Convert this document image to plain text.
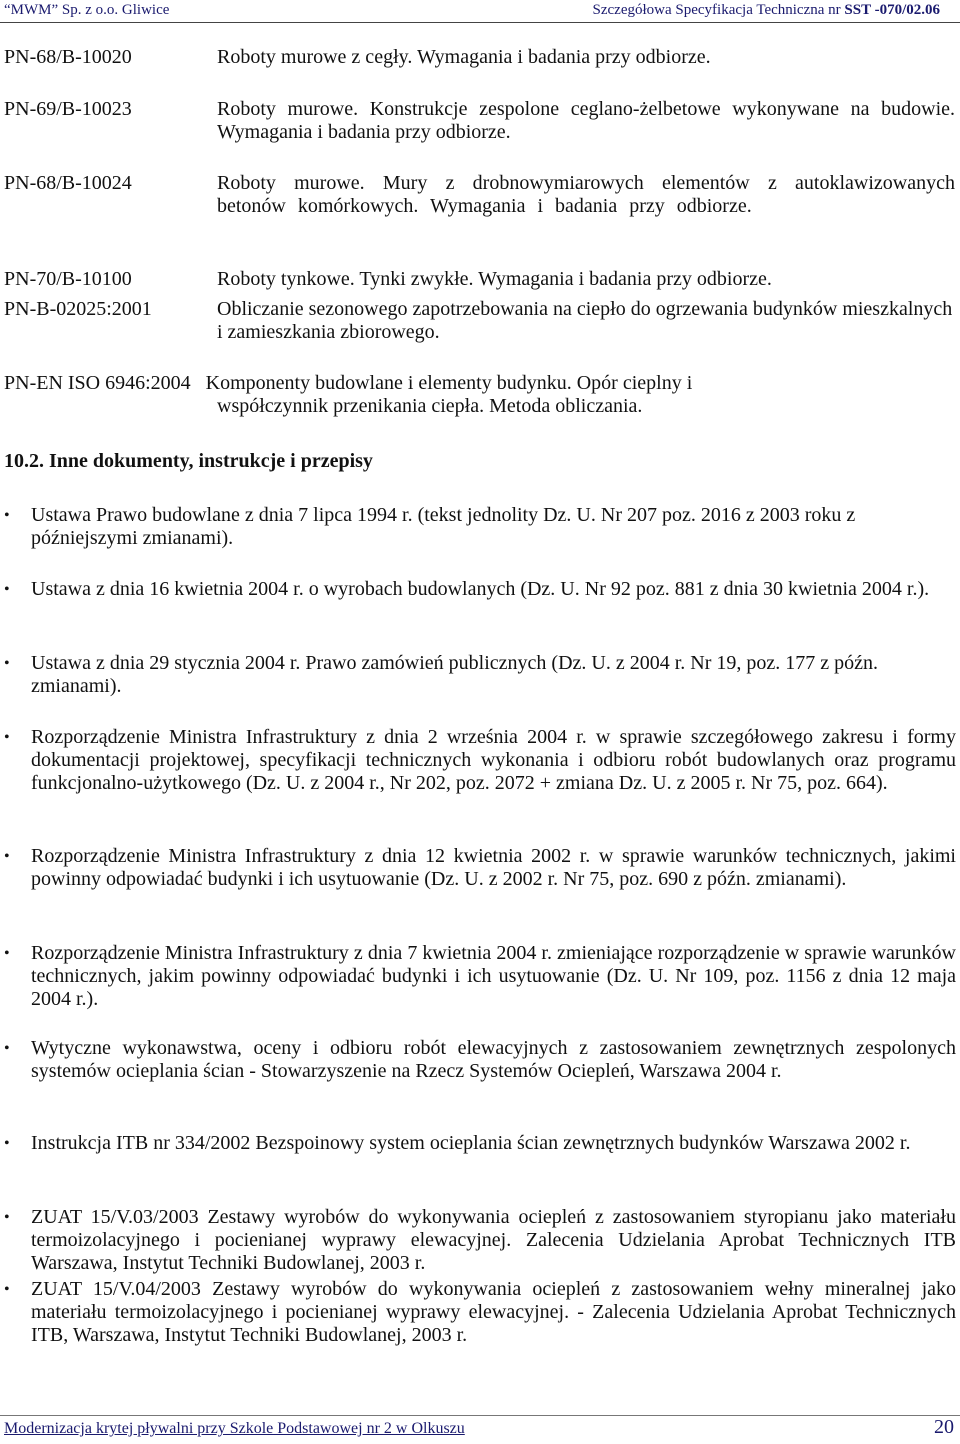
“MWM” Sp. z o.o. Gliwice	Szczegółowa Specyfikacja Techniczna nr SST -070/02.06
PN-68/B-10020	Roboty murowe z cegły. Wymagania i badania przy odbiorze.
PN-69/B-10023	Roboty murowe. Konstrukcje zespolone ceglano-żelbetowe wykonywane na budowie. Wymagania i badania przy odbiorze.
PN-68/B-10024	Roboty murowe. Mury z drobnowymiarowych elementów z autoklawizowanych betonów komórkowych. Wymagania i badania przy odbiorze.
PN-70/B-10100	Roboty tynkowe. Tynki zwykłe. Wymagania i badania przy odbiorze.
PN-B-02025:2001	Obliczanie sezonowego zapotrzebowania na ciepło do ogrzewania budynków mieszkalnych i zamieszkania zbiorowego.
PN-EN ISO 6946:2004 Komponenty budowlane i elementy budynku. Opór cieplny i
współczynnik przenikania ciepła. Metoda obliczania.
10.2. Inne dokumenty, instrukcje i przepisy
• Ustawa Prawo budowlane z dnia 7 lipca 1994 r. (tekst jednolity Dz. U. Nr 207 poz. 2016 z 2003 roku z późniejszymi zmianami).
• Ustawa z dnia 16 kwietnia 2004 r. o wyrobach budowlanych (Dz. U. Nr 92 poz. 881 z dnia 30 kwietnia 2004 r.).
• Ustawa z dnia 29 stycznia 2004 r. Prawo zamówień publicznych (Dz. U. z 2004 r. Nr 19, poz. 177 z późn. zmianami).
• Rozporządzenie Ministra Infrastruktury z dnia 2 września 2004 r. w sprawie szczegółowego zakresu i formy dokumentacji projektowej, specyfikacji technicznych wykonania i odbioru robót budowlanych oraz programu funkcjonalno-użytkowego (Dz. U. z 2004 r., Nr 202, poz. 2072 + zmiana Dz. U. z 2005 r. Nr 75, poz. 664).
• Rozporządzenie Ministra Infrastruktury z dnia 12 kwietnia 2002 r. w sprawie warunków technicznych, jakimi powinny odpowiadać budynki i ich usytuowanie (Dz. U. z 2002 r. Nr 75, poz. 690 z późn. zmianami).
• Rozporządzenie Ministra Infrastruktury z dnia 7 kwietnia 2004 r. zmieniające rozporządzenie w sprawie warunków technicznych, jakim powinny odpowiadać budynki i ich usytuowanie (Dz. U. Nr 109, poz. 1156 z dnia 12 maja 2004 r.).
• Wytyczne wykonawstwa, oceny i odbioru robót elewacyjnych z zastosowaniem zewnętrznych zespolonych systemów ocieplania ścian - Stowarzyszenie na Rzecz Systemów Ociepleń, Warszawa 2004 r.
• Instrukcja ITB nr 334/2002 Bezspoinowy system ocieplania ścian zewnętrznych budynków Warszawa 2002 r.
• ZUAT 15/V.03/2003 Zestawy wyrobów do wykonywania ociepleń z zastosowaniem styropianu jako materiału termoizolacyjnego i pocienianej wyprawy elewacyjnej. Zalecenia Udzielania Aprobat Technicznych ITB Warszawa, Instytut Techniki Budowlanej, 2003 r.
• ZUAT 15/V.04/2003 Zestawy wyrobów do wykonywania ociepleń z zastosowaniem wełny mineralnej jako materiału termoizolacyjnego i pocienianej wyprawy elewacyjnej. - Zalecenia Udzielania Aprobat Technicznych ITB, Warszawa, Instytut Techniki Budowlanej, 2003 r.
Modernizacja krytej pływalni przy Szkole Podstawowej nr 2 w Olkuszu	20
